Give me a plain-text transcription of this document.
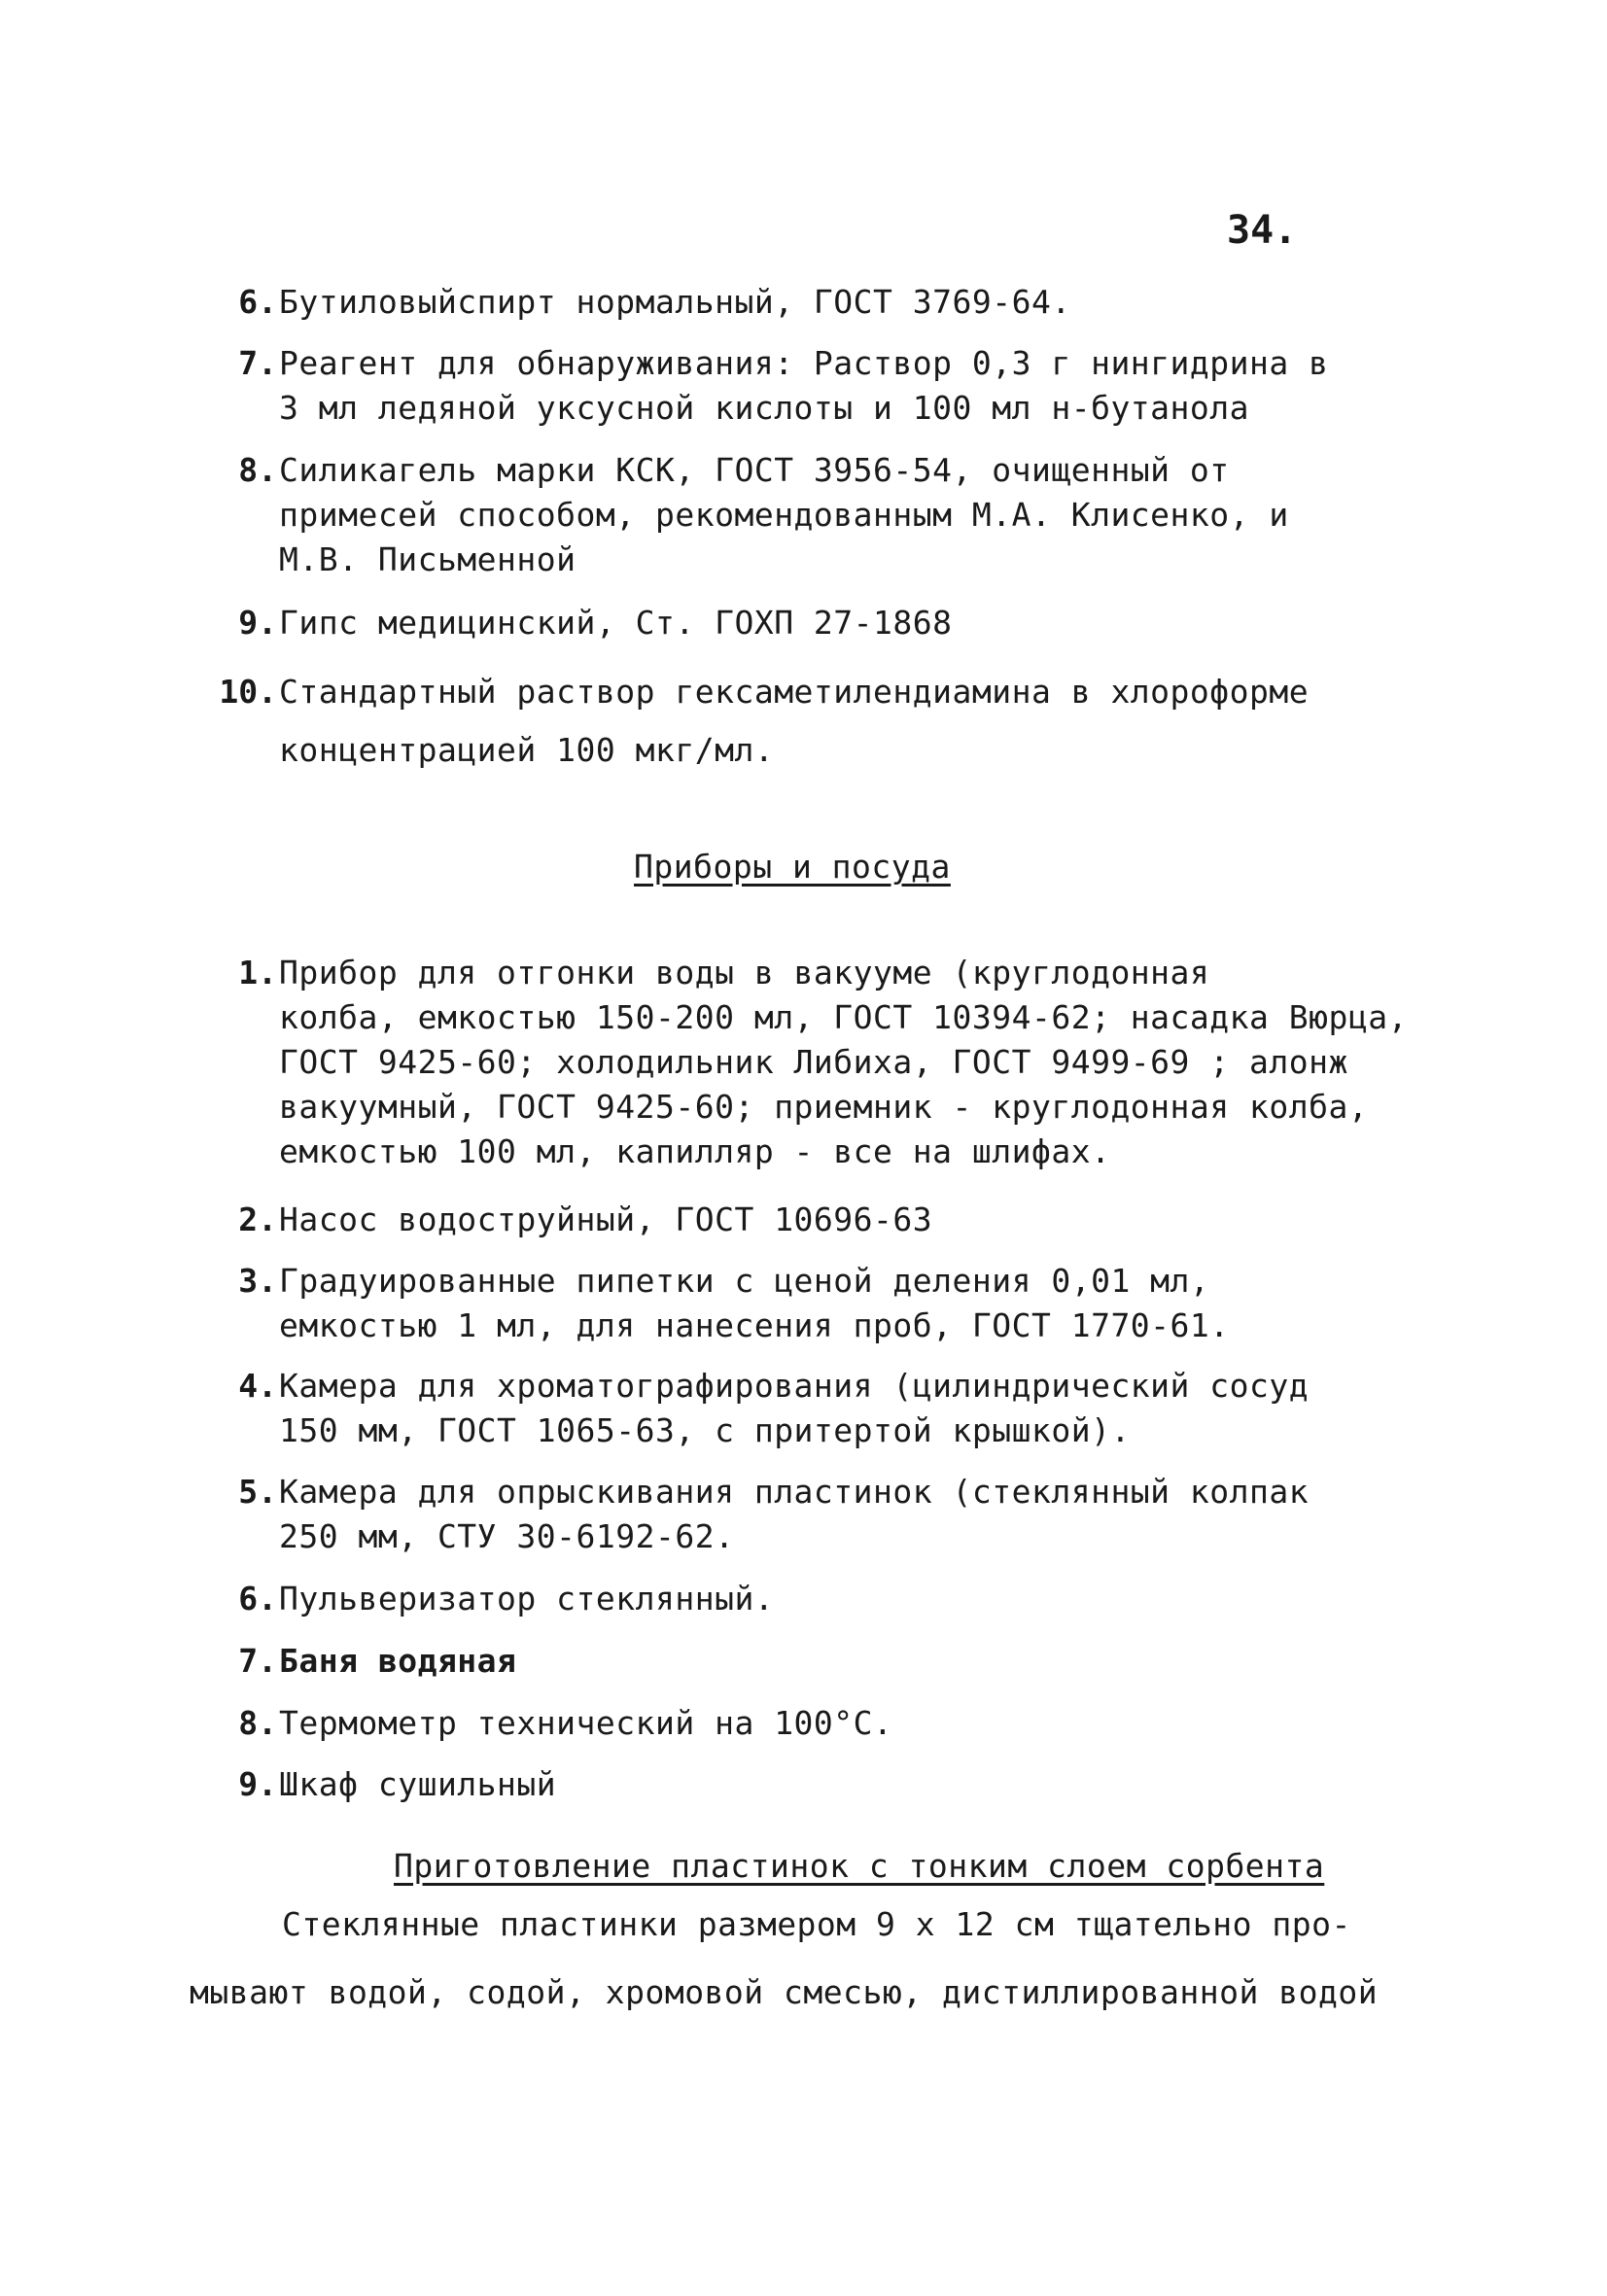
34.
6. Бутиловыйспирт нормальный, ГОСТ 3769-64.
7. Реагент для обнаруживания: Раствор 0,3 г нингидрина в
3 мл ледяной уксусной кислоты и 100 мл н-бутанола
8. Силикагель марки КСК, ГОСТ 3956-54, очищенный от
примесей способом, рекомендованным М.А. Клисенко, и
М.В. Письменной
9. Гипс медицинский, Ст. ГОХП 27-1868
10. Стандартный раствор гексаметилендиамина в хлороформе
концентрацией 100 мкг/мл.
Приборы и посуда
1. Прибор для отгонки воды в вакууме (круглодонная
колба, емкостью 150-200 мл, ГОСТ 10394-62; насадка Вюрца,
ГОСТ 9425-60; холодильник Либиха, ГОСТ 9499-69 ; алонж
вакуумный, ГОСТ 9425-60; приемник - круглодонная колба,
емкостью 100 мл, капилляр - все на шлифах.
2. Насос водоструйный, ГОСТ 10696-63
3. Градуированные пипетки с ценой деления 0,01 мл,
емкостью 1 мл, для нанесения проб, ГОСТ 1770-61.
4. Камера для хроматографирования (цилиндрический сосуд
150 мм, ГОСТ 1065-63, с притертой крышкой).
5. Камера для опрыскивания пластинок (стеклянный колпак
250 мм, СТУ 30-6192-62.
6. Пульверизатор стеклянный.
7. Баня водяная
8. Термометр технический на 100°С.
9. Шкаф сушильный
Приготовление пластинок с тонким слоем сорбента
Стеклянные пластинки размером 9 х 12 см тщательно про-
мывают водой, содой, хромовой смесью, дистиллированной водой
